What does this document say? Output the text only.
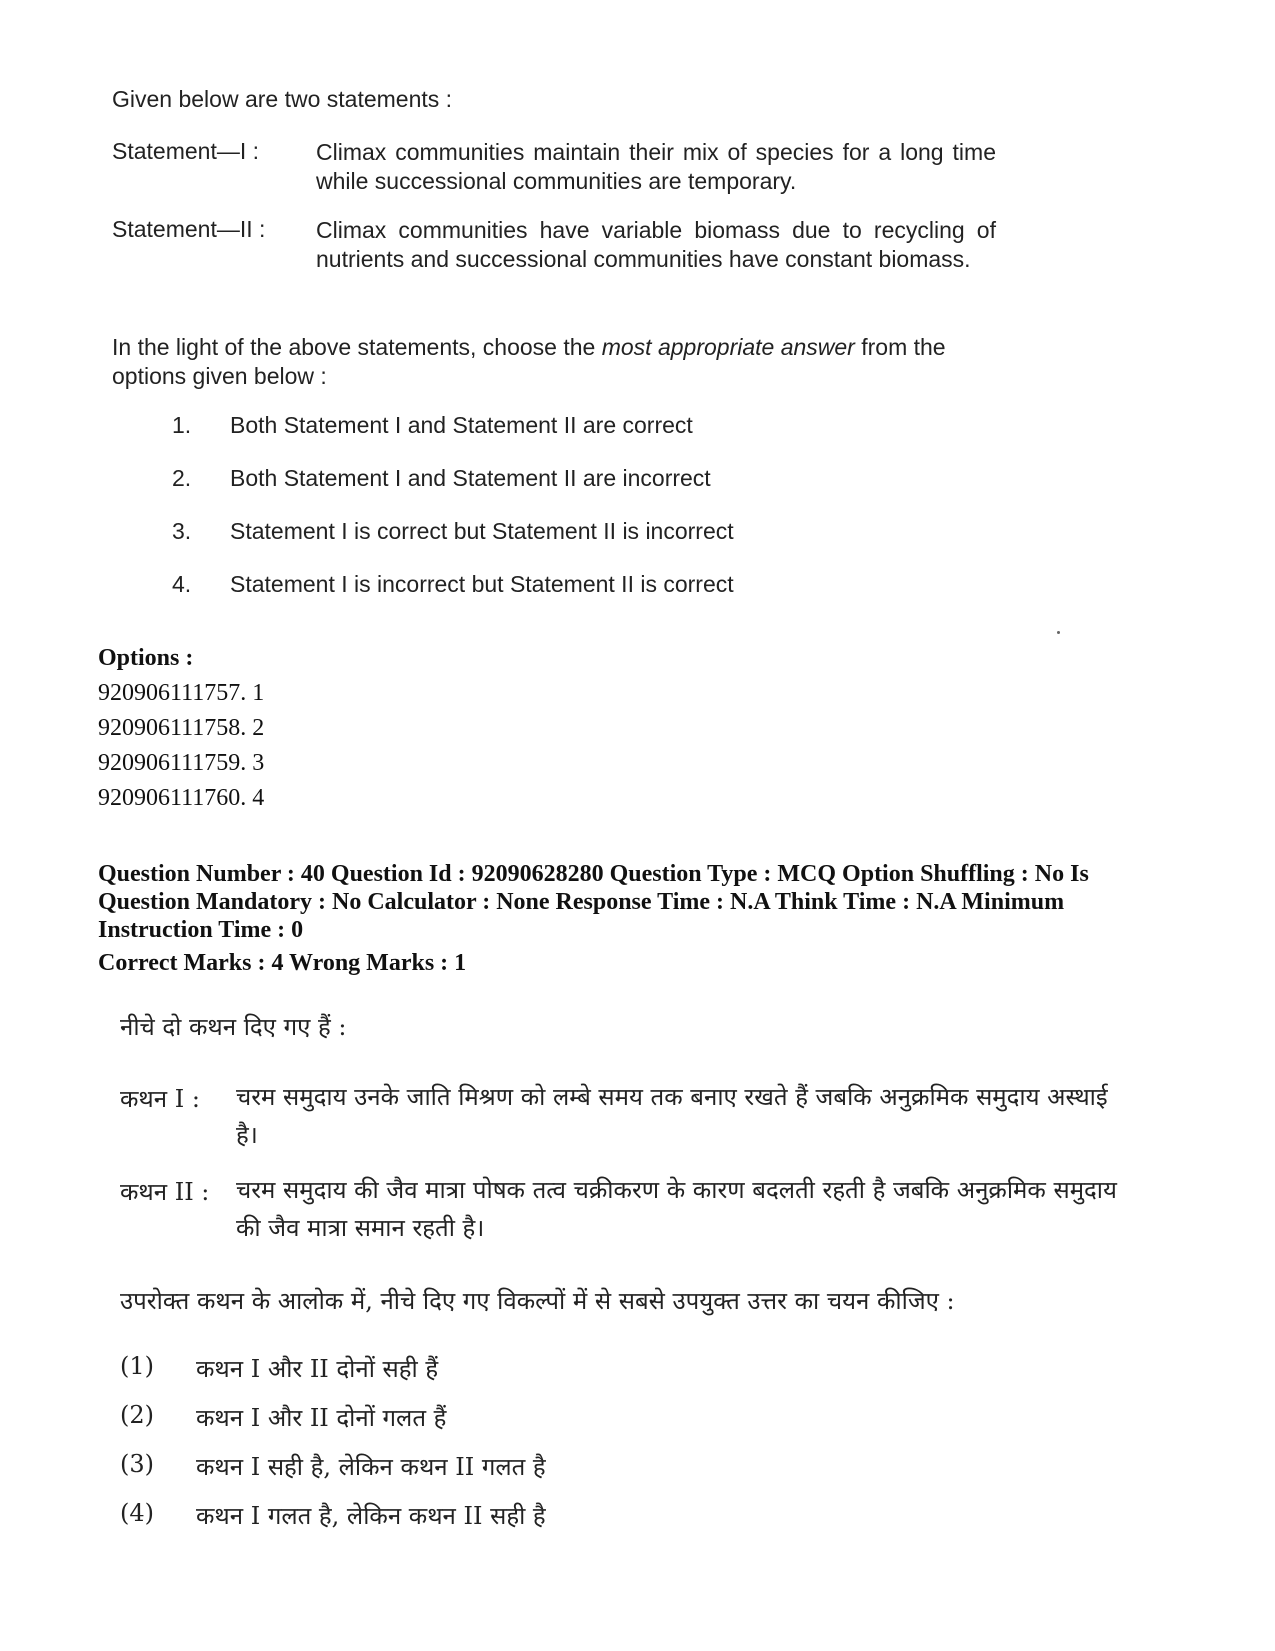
Given below are two statements :
Statement—I : Climax communities maintain their mix of species for a long time while successional communities are temporary.
Statement—II : Climax communities have variable biomass due to recycling of nutrients and successional communities have constant biomass.
In the light of the above statements, choose the most appropriate answer from the options given below :
1. Both Statement I and Statement II are correct
2. Both Statement I and Statement II are incorrect
3. Statement I is correct but Statement II is incorrect
4. Statement I is incorrect but Statement II is correct
Options :
920906111757. 1
920906111758. 2
920906111759. 3
920906111760. 4
Question Number : 40 Question Id : 92090628280 Question Type : MCQ Option Shuffling : No Is Question Mandatory : No Calculator : None Response Time : N.A Think Time : N.A Minimum Instruction Time : 0
Correct Marks : 4 Wrong Marks : 1
नीचे दो कथन दिए गए हैं :
कथन I : चरम समुदाय उनके जाति मिश्रण को लम्बे समय तक बनाए रखते हैं जबकि अनुक्रमिक समुदाय अस्थाई है।
कथन II : चरम समुदाय की जैव मात्रा पोषक तत्व चक्रीकरण के कारण बदलती रहती है जबकि अनुक्रमिक समुदाय की जैव मात्रा समान रहती है।
उपरोक्त कथन के आलोक में, नीचे दिए गए विकल्पों में से सबसे उपयुक्त उत्तर का चयन कीजिए :
(1) कथन I और II दोनों सही हैं
(2) कथन I और II दोनों गलत हैं
(3) कथन I सही है, लेकिन कथन II गलत है
(4) कथन I गलत है, लेकिन कथन II सही है
